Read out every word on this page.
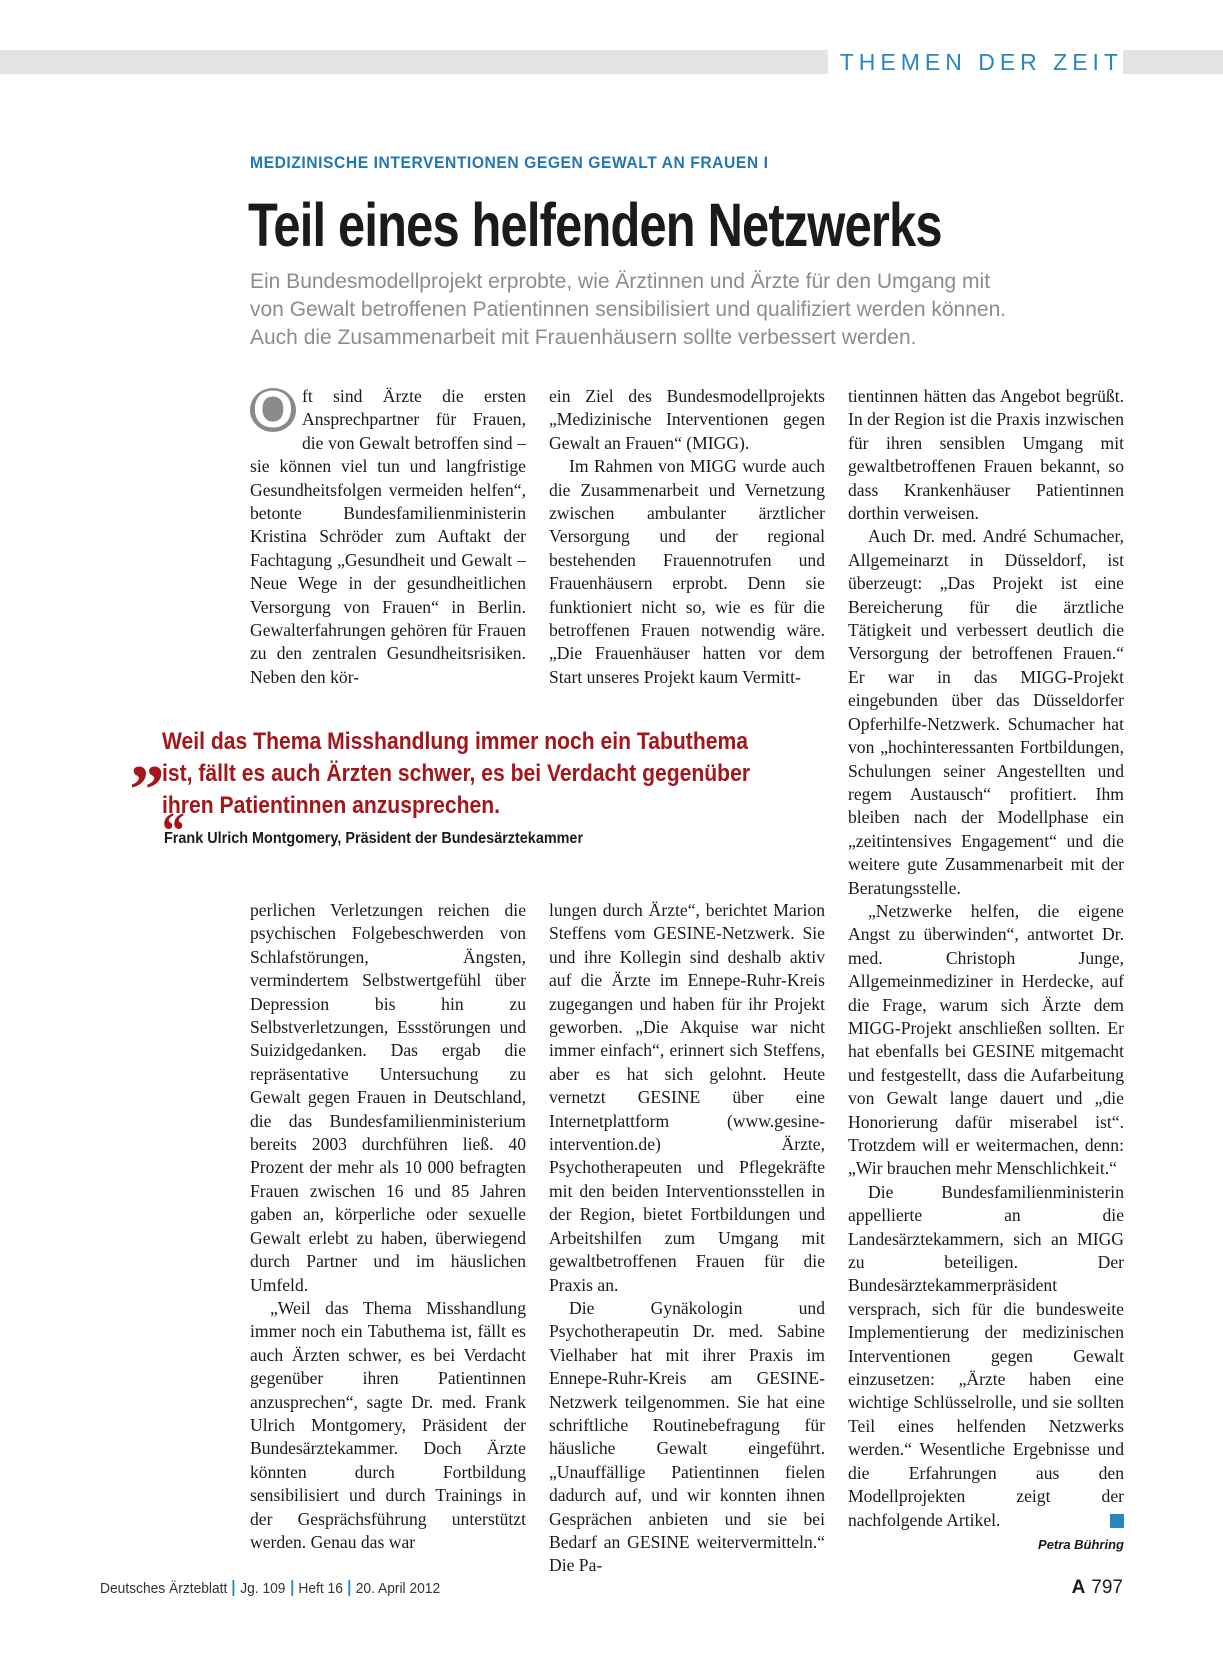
THEMEN DER ZEIT
MEDIZINISCHE INTERVENTIONEN GEGEN GEWALT AN FRAUEN I
Teil eines helfenden Netzwerks
Ein Bundesmodellprojekt erprobte, wie Ärztinnen und Ärzte für den Umgang mit
von Gewalt betroffenen Patientinnen sensibilisiert und qualifiziert werden können.
Auch die Zusammenarbeit mit Frauenhäusern sollte verbessert werden.

O ft sind Ärzte die ersten Ansprechpartner für Frauen, die von Gewalt betroffen sind – sie können viel tun und langfristige Gesundheitsfolgen vermeiden helfen“, betonte Bundesfamilienministerin Kristina Schröder zum Auftakt der Fachtagung „Gesundheit und Gewalt – Neue Wege in der gesundheitlichen Versorgung von Frauen“ in Berlin. Gewalterfahrungen gehören für Frauen zu den zentralen Gesundheitsrisiken. Neben den kör-

ein Ziel des Bundesmodellprojekts „Medizinische Interventionen gegen Gewalt an Frauen“ (MIGG).

Im Rahmen von MIGG wurde auch die Zusammenarbeit und Vernetzung zwischen ambulanter ärztlicher Versorgung und der regional bestehenden Frauennotrufen und Frauenhäusern erprobt. Denn sie funktioniert nicht so, wie es für die betroffenen Frauen notwendig wäre. „Die Frauenhäuser hatten vor dem Start unseres Projekt kaum Vermitt-

tientinnen hätten das Angebot begrüßt. In der Region ist die Praxis inzwischen für ihren sensiblen Umgang mit gewaltbetroffenen Frauen bekannt, so dass Krankenhäuser Patientinnen dorthin verweisen.

Auch Dr. med. André Schumacher, Allgemeinarzt in Düsseldorf, ist überzeugt: „Das Projekt ist eine Bereicherung für die ärztliche Tätigkeit und verbessert deutlich die Versorgung der betroffenen Frauen.“ Er war in das MIGG-Projekt eingebunden über das Düsseldorfer Opferhilfe-Netzwerk. Schumacher hat von „hochinteressanten Fortbildungen, Schulungen seiner Angestellten und regem Austausch“ profitiert. Ihm bleiben nach der Modellphase ein „zeitintensives Engagement“ und die weitere gute Zusammenarbeit mit der Beratungsstelle.

„Netzwerke helfen, die eigene Angst zu überwinden“, antwortet Dr. med. Christoph Junge, Allgemeinmediziner in Herdecke, auf die Frage, warum sich Ärzte dem MIGG-Projekt anschließen sollten. Er hat ebenfalls bei GESINE mitgemacht und festgestellt, dass die Aufarbeitung von Gewalt lange dauert und „die Honorierung dafür miserabel ist“. Trotzdem will er weitermachen, denn: „Wir brauchen mehr Menschlichkeit.“

Die Bundesfamilienministerin appellierte an die Landesärztekammern, sich an MIGG zu beteiligen. Der Bundesärztekammerpräsident versprach, sich für die bundesweite Implementierung der medizinischen Interventionen gegen Gewalt einzusetzen: „Ärzte haben eine wichtige Schlüsselrolle, und sie sollten Teil eines helfenden Netzwerks werden.“ Wesentliche Ergebnisse und die Erfahrungen aus den Modellprojekten zeigt der nachfolgende Artikel.

„
Weil das Thema Misshandlung immer noch ein Tabuthema
ist, fällt es auch Ärzten schwer, es bei Verdacht gegenüber
ihren Patientinnen anzusprechen.
“
Frank Ulrich Montgomery, Präsident der Bundesärztekammer

perlichen Verletzungen reichen die psychischen Folgebeschwerden von Schlafstörungen, Ängsten, vermindertem Selbstwertgefühl über Depression bis hin zu Selbstverletzungen, Essstörungen und Suizidgedanken. Das ergab die repräsentative Untersuchung zu Gewalt gegen Frauen in Deutschland, die das Bundesfamilienministerium bereits 2003 durchführen ließ. 40 Prozent der mehr als 10 000 befragten Frauen zwischen 16 und 85 Jahren gaben an, körperliche oder sexuelle Gewalt erlebt zu haben, überwiegend durch Partner und im häuslichen Umfeld.

„Weil das Thema Misshandlung immer noch ein Tabuthema ist, fällt es auch Ärzten schwer, es bei Verdacht gegenüber ihren Patientinnen anzusprechen“, sagte Dr. med. Frank Ulrich Montgomery, Präsident der Bundesärztekammer. Doch Ärzte könnten durch Fortbildung sensibilisiert und durch Trainings in der Gesprächsführung unterstützt werden. Genau das war

lungen durch Ärzte“, berichtet Marion Steffens vom GESINE-Netzwerk. Sie und ihre Kollegin sind deshalb aktiv auf die Ärzte im Ennepe-Ruhr-Kreis zugegangen und haben für ihr Projekt geworben. „Die Akquise war nicht immer einfach“, erinnert sich Steffens, aber es hat sich gelohnt. Heute vernetzt GESINE über eine Internetplattform (www.gesine-intervention.de) Ärzte, Psychotherapeuten und Pflegekräfte mit den beiden Interventionsstellen in der Region, bietet Fortbildungen und Arbeitshilfen zum Umgang mit gewaltbetroffenen Frauen für die Praxis an.

Die Gynäkologin und Psychotherapeutin Dr. med. Sabine Vielhaber hat mit ihrer Praxis im Ennepe-Ruhr-Kreis am GESINE-Netzwerk teilgenommen. Sie hat eine schriftliche Routinebefragung für häusliche Gewalt eingeführt. „Unauffällige Patientinnen fielen dadurch auf, und wir konnten ihnen Gesprächen anbieten und sie bei Bedarf an GESINE weitervermitteln.“ Die Pa-

Petra Bühring
Deutsches Ärzteblatt Jg. 109 Heft 16 20. April 2012	A 797
